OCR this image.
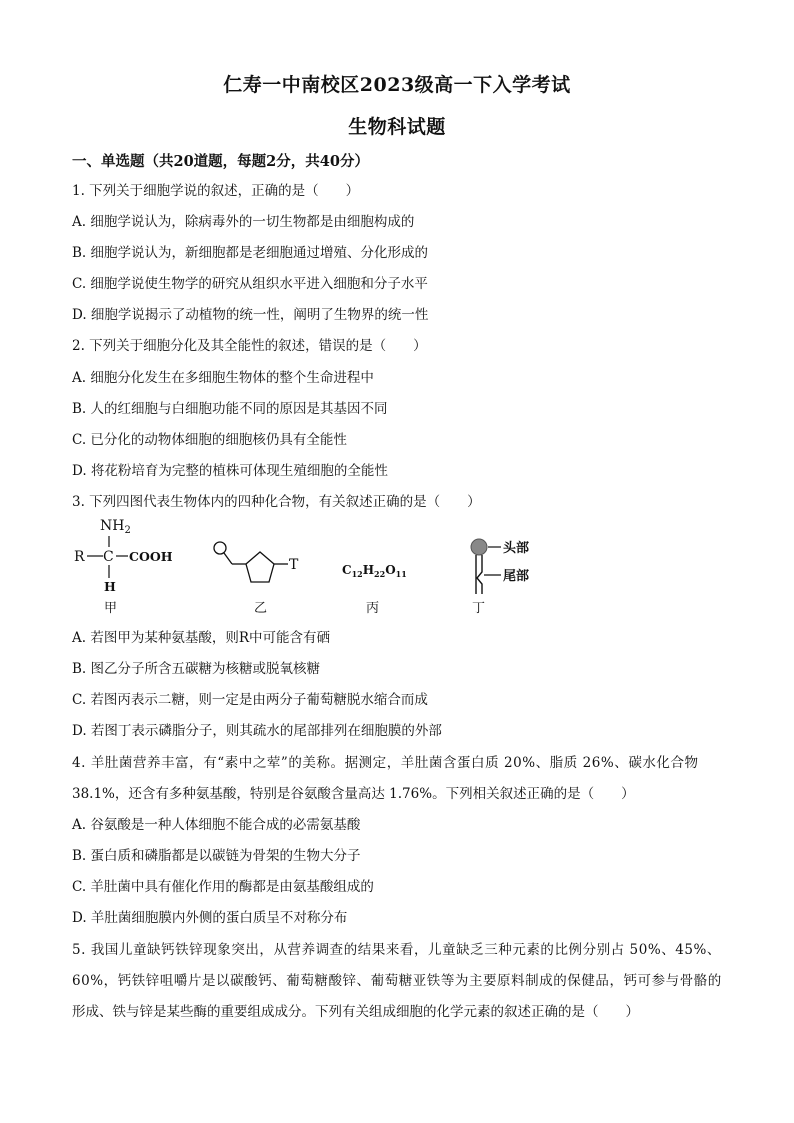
仁寿一中南校区2023级高一下入学考试
生物科试题
一、单选题（共20道题，每题2分，共40分）
1. 下列关于细胞学说的叙述，正确的是（　　）
A. 细胞学说认为，除病毒外的一切生物都是由细胞构成的
B. 细胞学说认为，新细胞都是老细胞通过增殖、分化形成的
C. 细胞学说使生物学的研究从组织水平进入细胞和分子水平
D. 细胞学说揭示了动植物的统一性，阐明了生物界的统一性
2. 下列关于细胞分化及其全能性的叙述，错误的是（　　）
A. 细胞分化发生在多细胞生物体的整个生命进程中
B. 人的红细胞与白细胞功能不同的原因是其基因不同
C. 已分化的动物体细胞的细胞核仍具有全能性
D. 将花粉培育为完整的植株可体现生殖细胞的全能性
3. 下列四图代表生物体内的四种化合物，有关叙述正确的是（　　）
$NH_2$
R C COOH
H
甲
T
乙
$C_{12}H_{22}O_{11}$
丙
头部
尾部
丁
A. 若图甲为某种氨基酸，则R中可能含有硒
B. 图乙分子所含五碳糖为核糖或脱氧核糖
C. 若图丙表示二糖，则一定是由两分子葡萄糖脱水缩合而成
D. 若图丁表示磷脂分子，则其疏水的尾部排列在细胞膜的外部
4. 羊肚菌营养丰富，有“素中之荤”的美称。据测定，羊肚菌含蛋白质 20%、脂质 26%、碳水化合物
38.1%，还含有多种氨基酸，特别是谷氨酸含量高达 1.76%。下列相关叙述正确的是（　　）
A. 谷氨酸是一种人体细胞不能合成的必需氨基酸
B. 蛋白质和磷脂都是以碳链为骨架的生物大分子
C. 羊肚菌中具有催化作用的酶都是由氨基酸组成的
D. 羊肚菌细胞膜内外侧的蛋白质呈不对称分布
5. 我国儿童缺钙铁锌现象突出，从营养调查的结果来看，儿童缺乏三种元素的比例分别占 50%、45%、
60%，钙铁锌咀嚼片是以碳酸钙、葡萄糖酸锌、葡萄糖亚铁等为主要原料制成的保健品，钙可参与骨骼的
形成、铁与锌是某些酶的重要组成成分。下列有关组成细胞的化学元素的叙述正确的是（　　）
